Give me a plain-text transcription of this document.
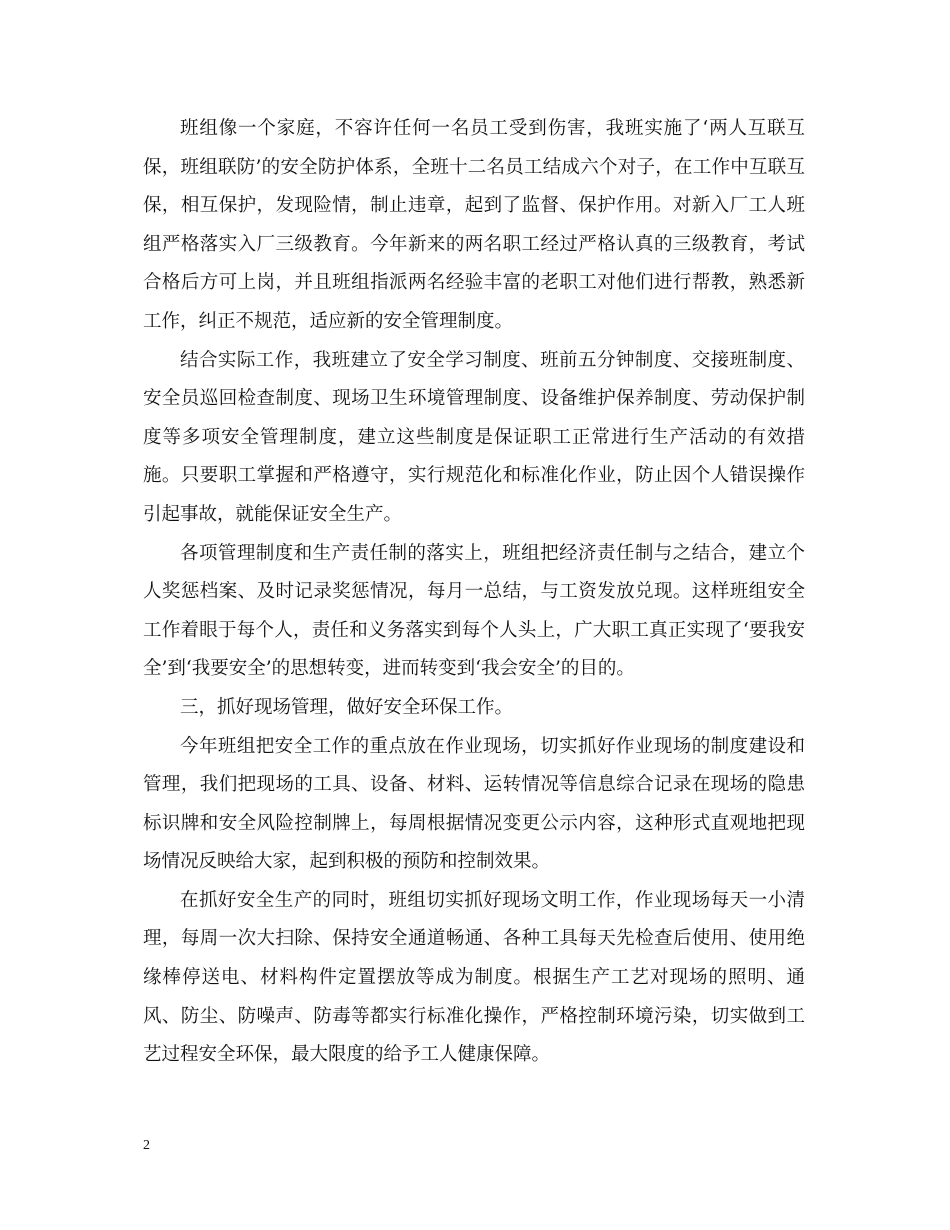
班组像一个家庭，不容许任何一名员工受到伤害，我班实施了‘两人互联互保，班组联防’的安全防护体系，全班十二名员工结成六个对子，在工作中互联互保，相互保护，发现险情，制止违章，起到了监督、保护作用。对新入厂工人班组严格落实入厂三级教育。今年新来的两名职工经过严格认真的三级教育，考试合格后方可上岗，并且班组指派两名经验丰富的老职工对他们进行帮教，熟悉新工作，纠正不规范，适应新的安全管理制度。

结合实际工作，我班建立了安全学习制度、班前五分钟制度、交接班制度、安全员巡回检查制度、现场卫生环境管理制度、设备维护保养制度、劳动保护制度等多项安全管理制度，建立这些制度是保证职工正常进行生产活动的有效措施。只要职工掌握和严格遵守，实行规范化和标准化作业，防止因个人错误操作引起事故，就能保证安全生产。

各项管理制度和生产责任制的落实上，班组把经济责任制与之结合，建立个人奖惩档案、及时记录奖惩情况，每月一总结，与工资发放兑现。这样班组安全工作着眼于每个人，责任和义务落实到每个人头上，广大职工真正实现了‘要我安全’到‘我要安全’的思想转变，进而转变到‘我会安全’的目的。

三，抓好现场管理，做好安全环保工作。

今年班组把安全工作的重点放在作业现场，切实抓好作业现场的制度建设和管理，我们把现场的工具、设备、材料、运转情况等信息综合记录在现场的隐患标识牌和安全风险控制牌上，每周根据情况变更公示内容，这种形式直观地把现场情况反映给大家，起到积极的预防和控制效果。

在抓好安全生产的同时，班组切实抓好现场文明工作，作业现场每天一小清理，每周一次大扫除、保持安全通道畅通、各种工具每天先检查后使用、使用绝缘棒停送电、材料构件定置摆放等成为制度。根据生产工艺对现场的照明、通风、防尘、防噪声、防毒等都实行标准化操作，严格控制环境污染，切实做到工艺过程安全环保，最大限度的给予工人健康保障。

2
